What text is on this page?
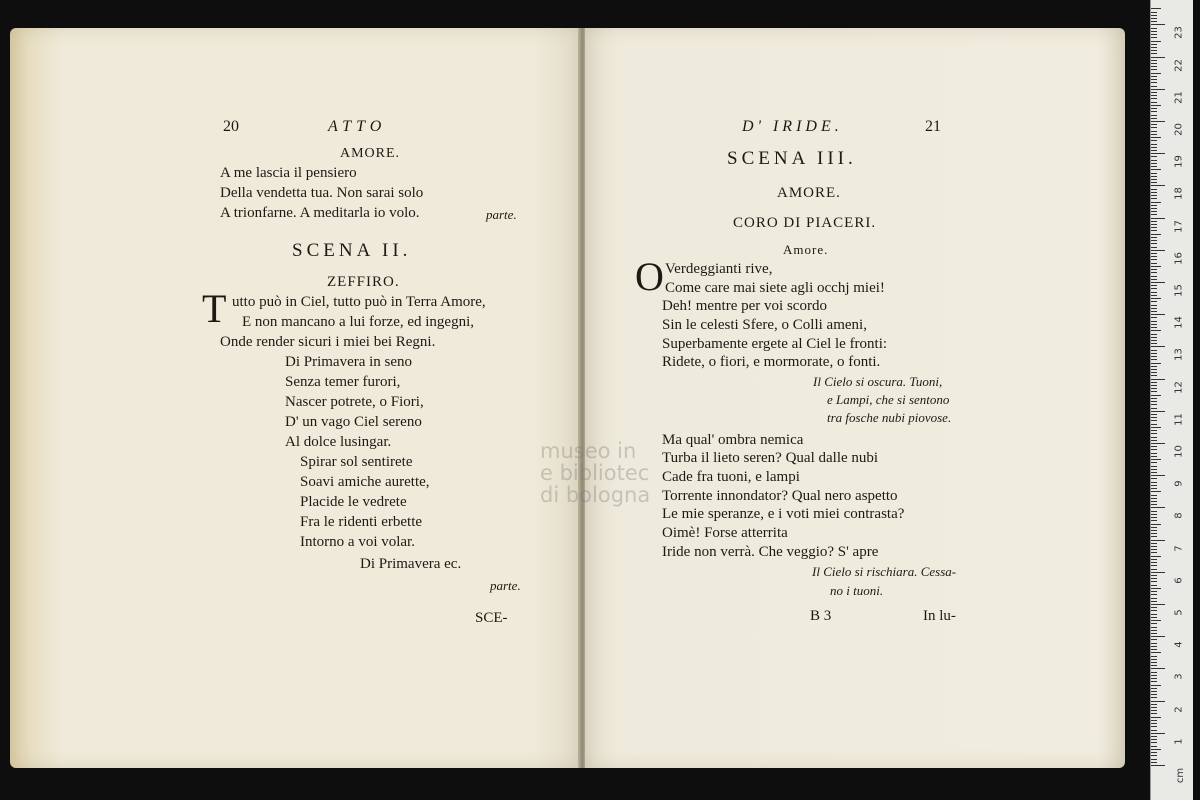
20	ATTO
AMORE.
A me lascia il pensiero
Della vendetta tua. Non sarai solo
A trionfarne. A meditarla io volo.	parte.
SCENA II.
ZEFFIRO.
T utto può in Ciel, tutto può in Terra Amore,
E non mancano a lui forze, ed ingegni,
Onde render sicuri i miei bei Regni.
Di Primavera in seno
Senza temer furori,
Nascer potrete, o Fiori,
D' un vago Ciel sereno
Al dolce lusingar.
Spirar sol sentirete
Soavi amiche aurette,
Placide le vedrete
Fra le ridenti erbette
Intorno a voi volar.
Di Primavera ec.
parte.
SCE-
D' IRIDE.	21
SCENA III.
AMORE.
CORO DI PIACERI.
Amore.
O Verdeggianti rive,
Come care mai siete agli occhj miei!
Deh! mentre per voi scordo
Sin le celesti Sfere, o Colli ameni,
Superbamente ergete al Ciel le fronti:
Ridete, o fiori, e mormorate, o fonti.
Il Cielo si oscura. Tuoni,
e Lampi, che si sentono
tra fosche nubi piovose.
Ma qual' ombra nemica
Turba il lieto seren? Qual dalle nubi
Cade fra tuoni, e lampi
Torrente innondator? Qual nero aspetto
Le mie speranze, e i voti miei contrasta?
Oimè! Forse atterrita
Iride non verrà. Che veggio? S' apre
Il Cielo si rischiara. Cessa-
no i tuoni.
B 3	In lu-
museo in
e bibliotec
di bologna
cm
1
2
3
4
5
6
7
8
9
10
11
12
13
14
15
16
17
18
19
20
21
22
23
